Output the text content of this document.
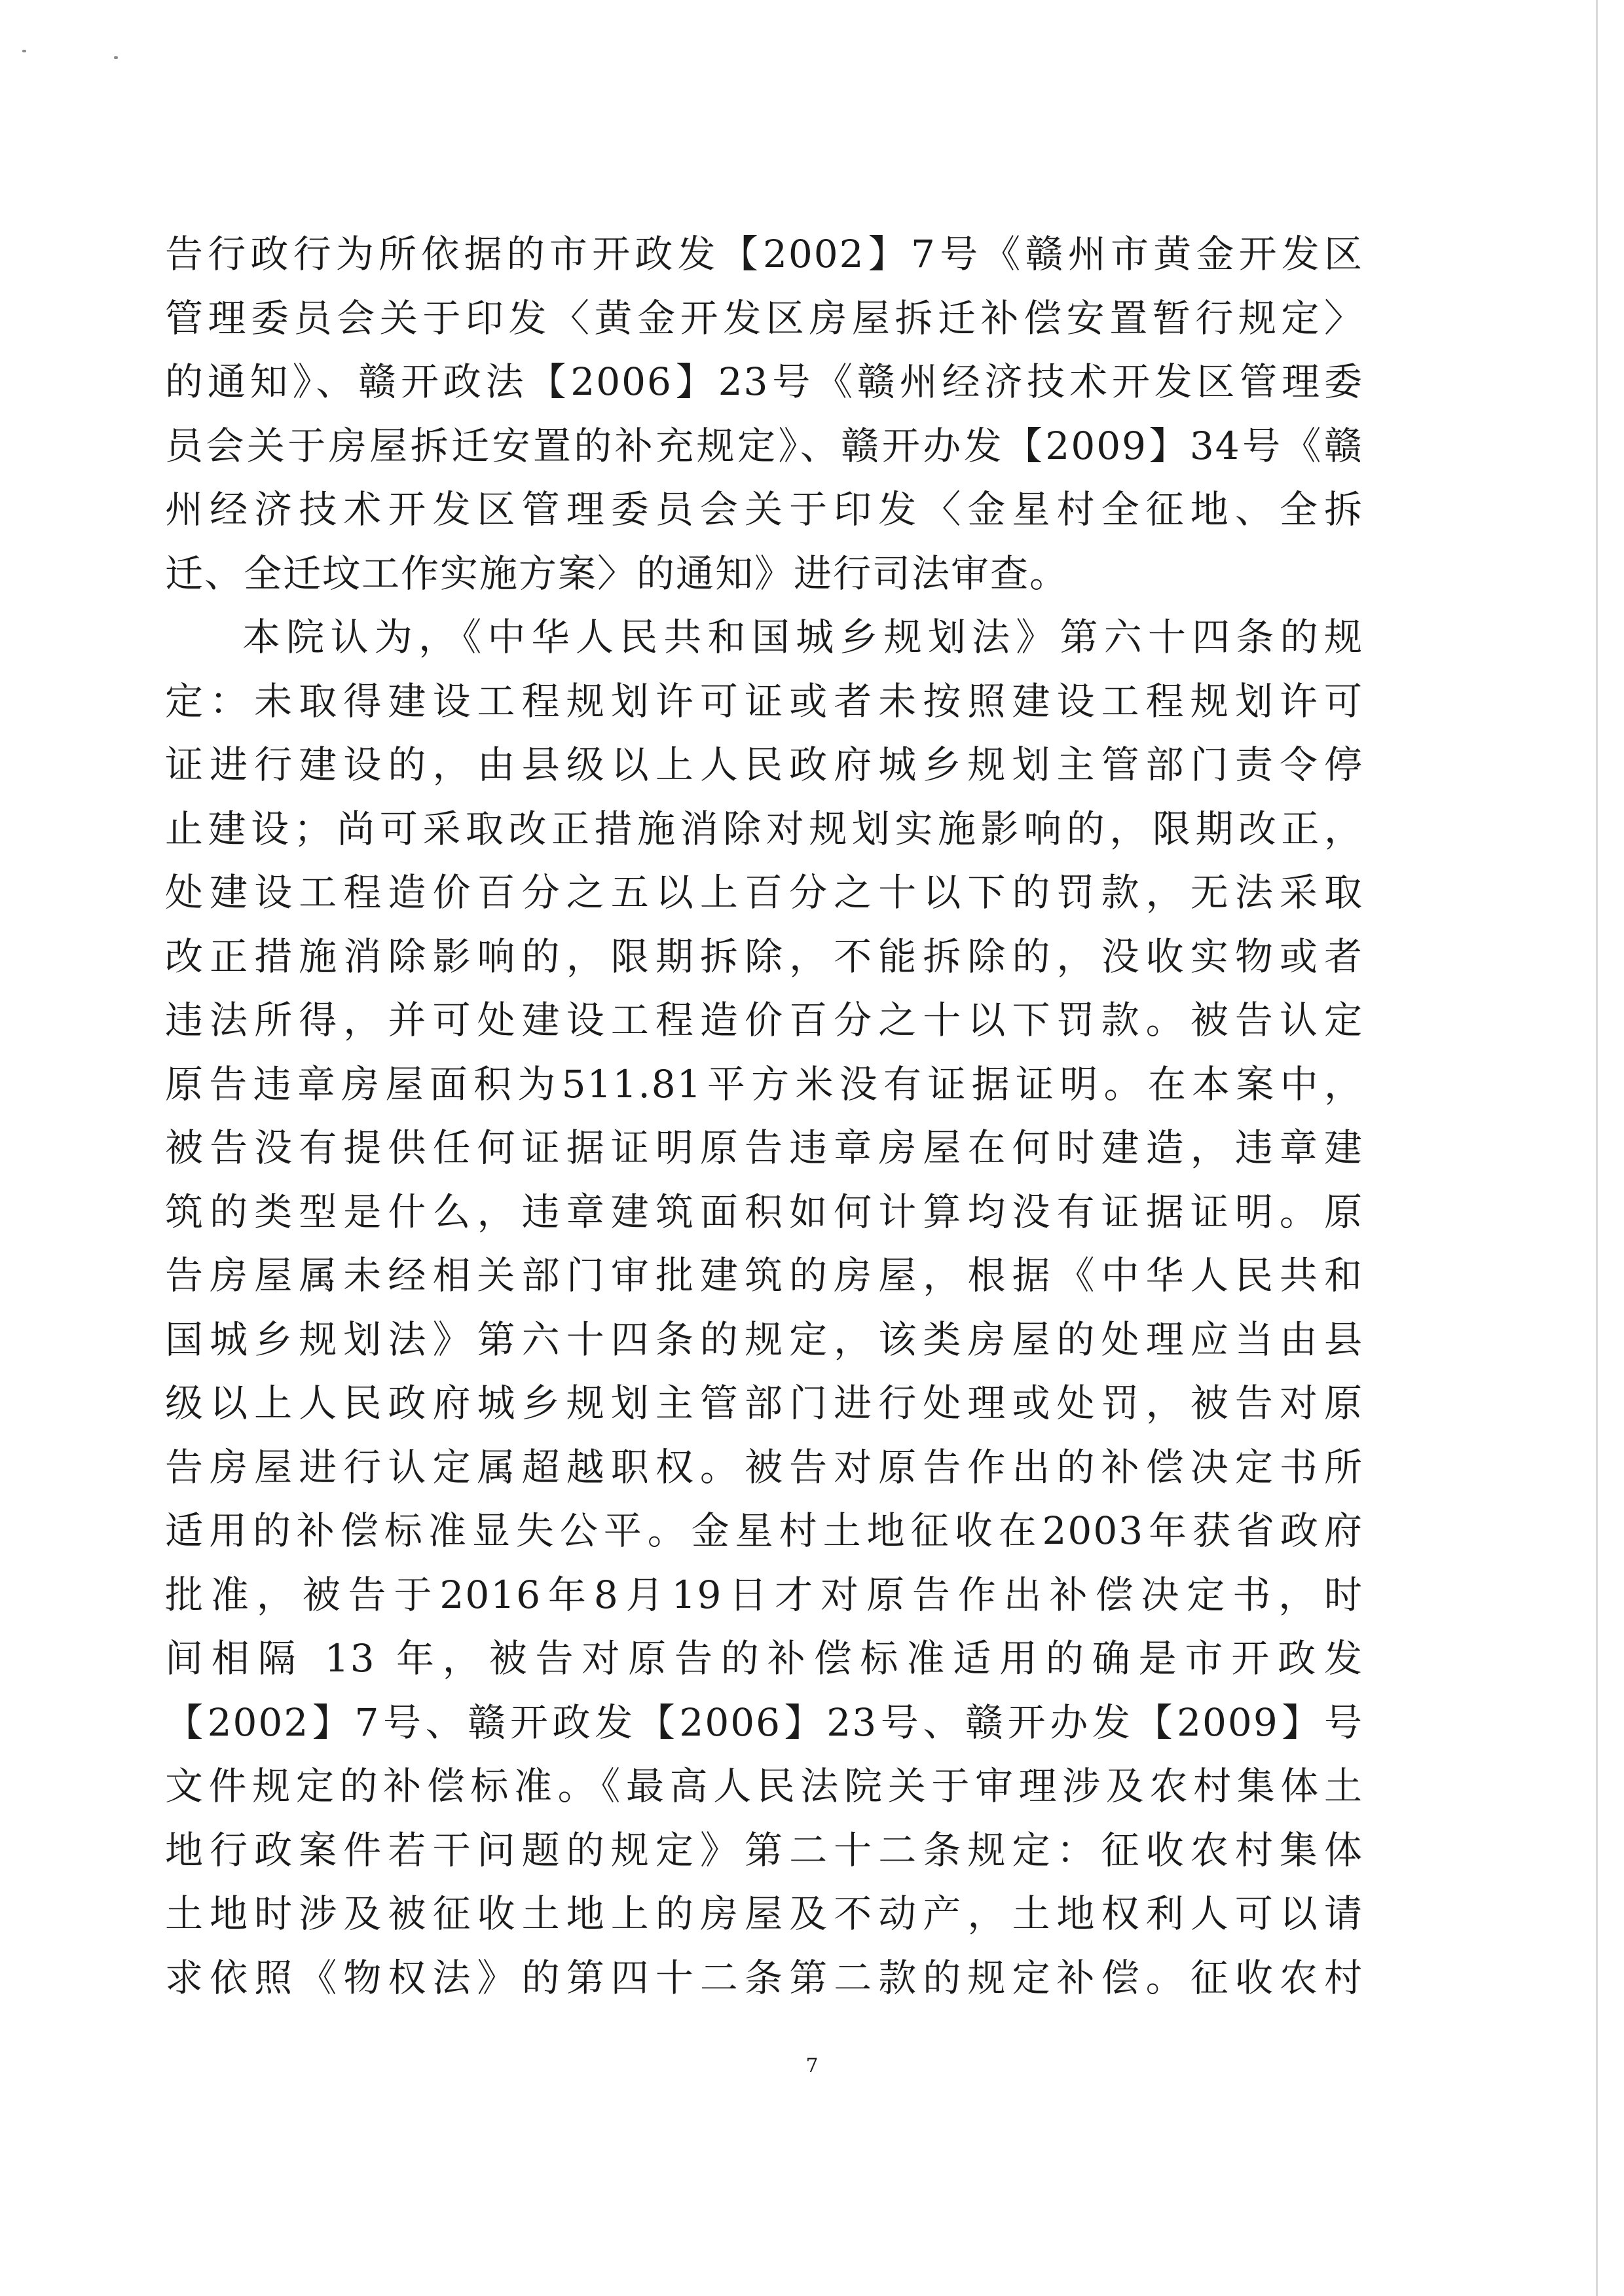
告行政行为所依据的市开政发【2002】7号《赣州市黄金开发区
管理委员会关于印发〈黄金开发区房屋拆迁补偿安置暂行规定〉
的通知》、赣开政法【2006】23号《赣州经济技术开发区管理委
员会关于房屋拆迁安置的补充规定》、赣开办发【2009】34号《赣
州经济技术开发区管理委员会关于印发〈金星村全征地、全拆
迁、全迁坟工作实施方案〉的通知》进行司法审查。
本院认为，《中华人民共和国城乡规划法》第六十四条的规
定：未取得建设工程规划许可证或者未按照建设工程规划许可
证进行建设的，由县级以上人民政府城乡规划主管部门责令停
止建设；尚可采取改正措施消除对规划实施影响的，限期改正，
处建设工程造价百分之五以上百分之十以下的罚款，无法采取
改正措施消除影响的，限期拆除，不能拆除的，没收实物或者
违法所得，并可处建设工程造价百分之十以下罚款。被告认定
原告违章房屋面积为511.81平方米没有证据证明。在本案中，
被告没有提供任何证据证明原告违章房屋在何时建造，违章建
筑的类型是什么，违章建筑面积如何计算均没有证据证明。原
告房屋属未经相关部门审批建筑的房屋，根据《中华人民共和
国城乡规划法》第六十四条的规定，该类房屋的处理应当由县
级以上人民政府城乡规划主管部门进行处理或处罚，被告对原
告房屋进行认定属超越职权。被告对原告作出的补偿决定书所
适用的补偿标准显失公平。金星村土地征收在2003年获省政府
批准，被告于2016年8月19日才对原告作出补偿决定书，时
间相隔 13 年，被告对原告的补偿标准适用的确是市开政发
【2002】7号、赣开政发【2006】23号、赣开办发【2009】号
文件规定的补偿标准。《最高人民法院关于审理涉及农村集体土
地行政案件若干问题的规定》第二十二条规定：征收农村集体
土地时涉及被征收土地上的房屋及不动产，土地权利人可以请
求依照《物权法》的第四十二条第二款的规定补偿。征收农村
7
